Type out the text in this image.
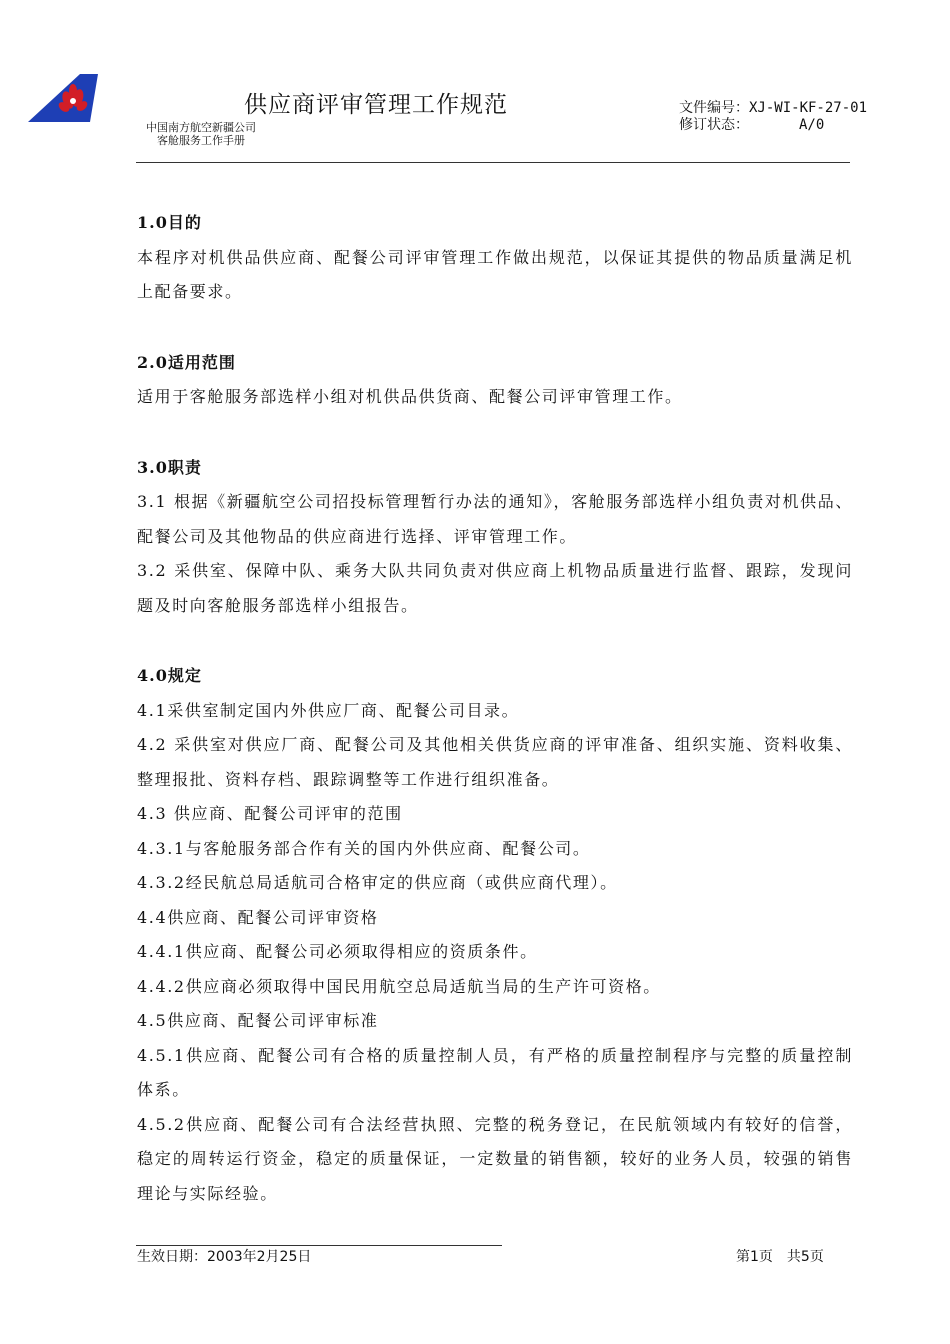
供应商评审管理工作规范
中国南方航空新疆公司
客舱服务工作手册
文件编号：XJ-WI-KF-27-01
修订状态：	A/0
1.0目的

本程序对机供品供应商、配餐公司评审管理工作做出规范，以保证其提供的物品质量满足机上配备要求。

2.0适用范围

适用于客舱服务部选样小组对机供品供货商、配餐公司评审管理工作。

3.0职责

3.1 根据《新疆航空公司招投标管理暂行办法的通知》，客舱服务部选样小组负责对机供品、配餐公司及其他物品的供应商进行选择、评审管理工作。

3.2 采供室、保障中队、乘务大队共同负责对供应商上机物品质量进行监督、跟踪，发现问题及时向客舱服务部选样小组报告。

4.0规定

4.1采供室制定国内外供应厂商、配餐公司目录。

4.2 采供室对供应厂商、配餐公司及其他相关供货应商的评审准备、组织实施、资料收集、整理报批、资料存档、跟踪调整等工作进行组织准备。

4.3 供应商、配餐公司评审的范围

4.3.1与客舱服务部合作有关的国内外供应商、配餐公司。

4.3.2经民航总局适航司合格审定的供应商（或供应商代理）。

4.4供应商、配餐公司评审资格

4.4.1供应商、配餐公司必须取得相应的资质条件。

4.4.2供应商必须取得中国民用航空总局适航当局的生产许可资格。

4.5供应商、配餐公司评审标准

4.5.1供应商、配餐公司有合格的质量控制人员，有严格的质量控制程序与完整的质量控制体系。

4.5.2供应商、配餐公司有合法经营执照、完整的税务登记，在民航领域内有较好的信誉，稳定的周转运行资金，稳定的质量保证，一定数量的销售额，较好的业务人员，较强的销售理论与实际经验。

生效日期：2003年2月25日	第1页　共5页
